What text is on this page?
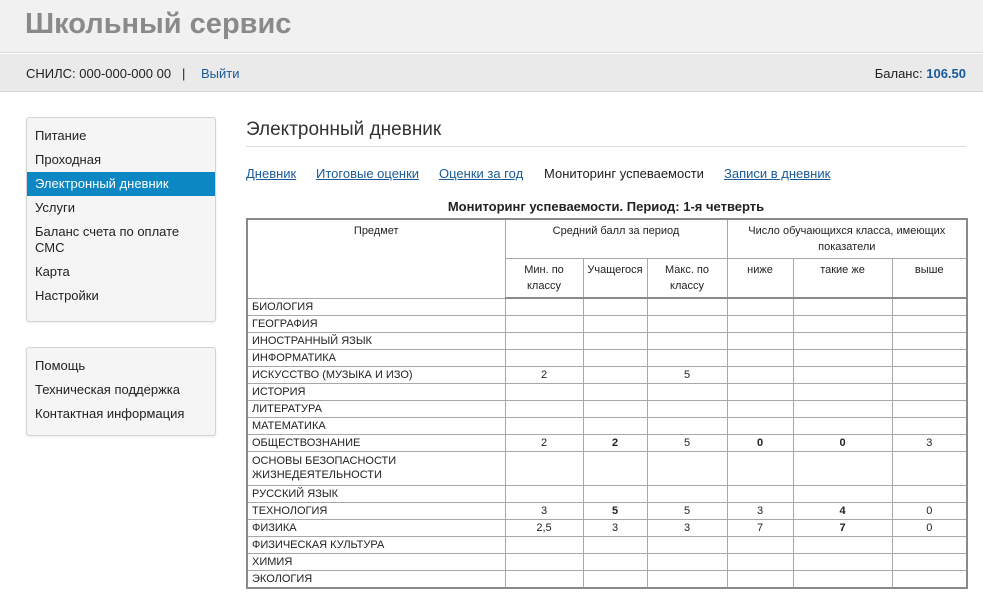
Школьный сервис
СНИЛС: 000-000-000 00 | Выйти	Баланс: 106.50
Питание
Проходная
Электронный дневник
Услуги
Баланс счета по оплате СМС
Карта
Настройки
Помощь
Техническая поддержка
Контактная информация
Электронный дневник
Дневник Итоговые оценки Оценки за год Мониторинг успеваемости Записи в дневник
Мониторинг успеваемости. Период: 1-я четверть
Предмет	Средний балл за период			Число обучающихся класса, имеющих показатели		
	Мин. по классу	Учащегося	Макс. по классу	ниже	такие же	выше
БИОЛОГИЯ						
ГЕОГРАФИЯ						
ИНОСТРАННЫЙ ЯЗЫК						
ИНФОРМАТИКА						
ИСКУССТВО (МУЗЫКА И ИЗО)	2		5			
ИСТОРИЯ						
ЛИТЕРАТУРА						
МАТЕМАТИКА						
ОБЩЕСТВОЗНАНИЕ	2	2	5	0	0	3
ОСНОВЫ БЕЗОПАСНОСТИ ЖИЗНЕДЕЯТЕЛЬНОСТИ						
РУССКИЙ ЯЗЫК						
ТЕХНОЛОГИЯ	3	5	5	3	4	0
ФИЗИКА	2,5	3	3	7	7	0
ФИЗИЧЕСКАЯ КУЛЬТУРА						
ХИМИЯ						
ЭКОЛОГИЯ						
